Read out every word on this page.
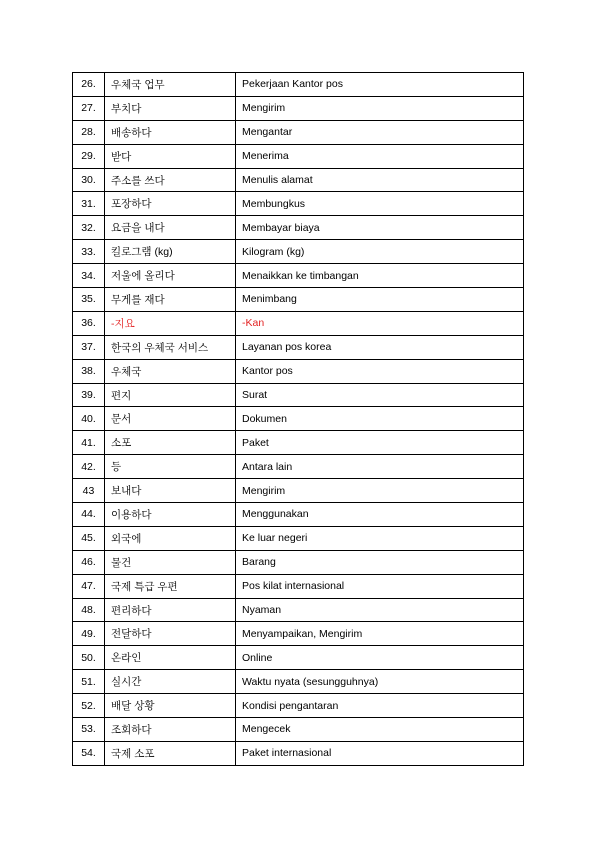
26.	우체국 업무	Pekerjaan Kantor pos
27.	부치다	Mengirim
28.	배송하다	Mengantar
29.	받다	Menerima
30.	주소를 쓰다	Menulis alamat
31.	포장하다	Membungkus
32.	요금을 내다	Membayar biaya
33.	킬로그램 (kg)	Kilogram (kg)
34.	저울에 올리다	Menaikkan ke timbangan
35.	무게를 재다	Menimbang
36.	-지요	-Kan
37.	한국의 우체국 서비스	Layanan pos korea
38.	우체국	Kantor pos
39.	편지	Surat
40.	문서	Dokumen
41.	소포	Paket
42.	등	Antara lain
43	보내다	Mengirim
44.	이용하다	Menggunakan
45.	외국에	Ke luar negeri
46.	물건	Barang
47.	국제 특급 우편	Pos kilat internasional
48.	편리하다	Nyaman
49.	전달하다	Menyampaikan, Mengirim
50.	온라인	Online
51.	실시간	Waktu nyata (sesungguhnya)
52.	배달 상황	Kondisi pengantaran
53.	조회하다	Mengecek
54.	국제 소포	Paket internasional
